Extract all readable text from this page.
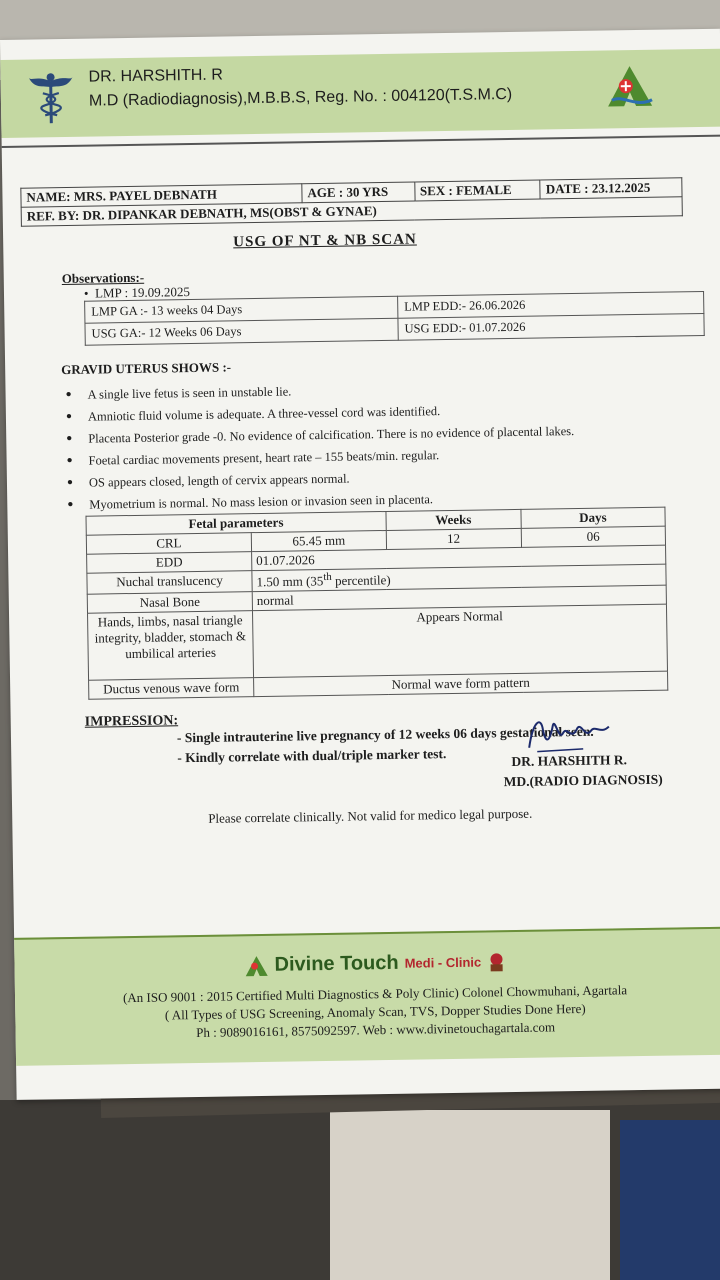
DR. HARSHITH. R
M.D (Radiodiagnosis),M.B.B.S, Reg. No. : 004120(T.S.M.C)
NAME: MRS. PAYEL DEBNATH	AGE : 30 YRS	SEX : FEMALE	DATE : 23.12.2025
REF. BY: DR. DIPANKAR DEBNATH, MS(OBST & GYNAE)
USG OF NT & NB SCAN
Observations:-
•  LMP : 19.09.2025
LMP GA :- 13 weeks 04 Days	LMP EDD:- 26.06.2026
USG GA:- 12 Weeks 06 Days	USG EDD:- 01.07.2026
GRAVID UTERUS SHOWS :-
● A single live fetus is seen in unstable lie.
● Amniotic fluid volume is adequate. A three-vessel cord was identified.
● Placenta Posterior grade -0. No evidence of calcification. There is no evidence of placental lakes.
● Foetal cardiac movements present, heart rate – 155 beats/min. regular.
● OS appears closed, length of cervix appears normal.
● Myometrium is normal. No mass lesion or invasion seen in placenta.
Fetal parameters		Weeks	Days
CRL	65.45 mm	12	06
EDD	01.07.2026		
Nuchal translucency	1.50 mm (35th percentile)		
Nasal Bone	normal		
Hands, limbs, nasal triangle integrity, bladder, stomach & umbilical arteries	Appears Normal		
Ductus venous wave form	Normal wave form pattern		
IMPRESSION:

- Single intrauterine live pregnancy of 12 weeks 06 days gestational seen.

- Kindly correlate with dual/triple marker test.	DR. HARSHITH R.
MD.(RADIO DIAGNOSIS)
Please correlate clinically. Not valid for medico legal purpose.
Divine Touch Medi - Clinic
(An ISO 9001 : 2015 Certified Multi Diagnostics & Poly Clinic) Colonel Chowmuhani, Agartala
( All Types of USG Screening, Anomaly Scan, TVS, Dopper Studies Done Here)
Ph : 9089016161, 8575092597. Web : www.divinetouchagartala.com
